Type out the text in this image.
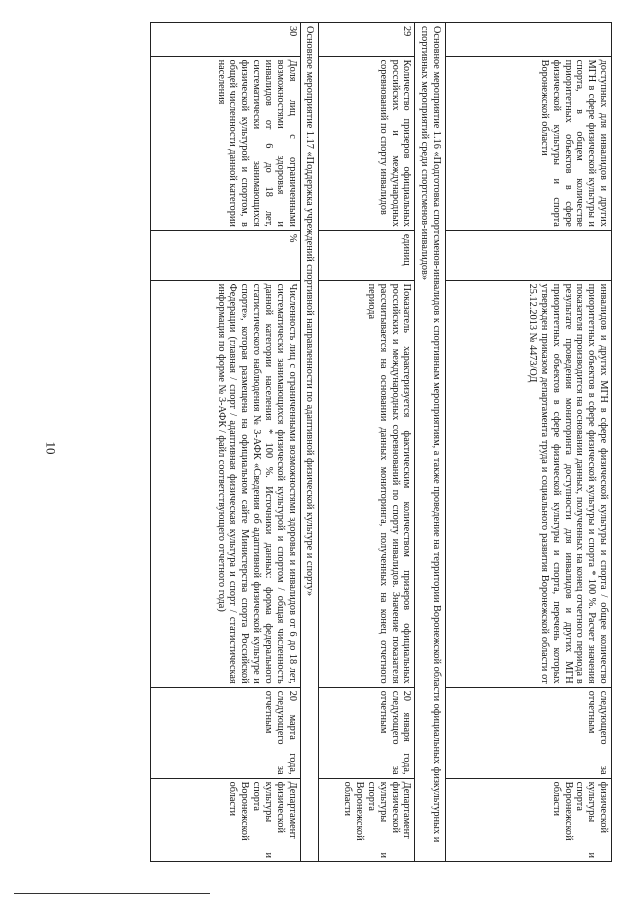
10
	доступных для инвалидов и других МГН в сфере физической культуры и спорта, в общем количестве приоритетных объектов в сфере физической культуры и спорта Воронежской области		инвалидов и других МГН в сфере физической культуры и спорта / общее количество приоритетных объектов в сфере физической культуры и спорта * 100 %. Расчет значения показателя производится на основании данных, полученных на конец отчетного периода в результате проведения мониторинга доступности для инвалидов и других МГН приоритетных объектов в сфере физической культуры и спорта, перечень которых утвержден приказом департамента труда и социального развития Воронежской области от 25.12.2013 № 4473/ОД	следующего за отчетным	физической культуры и спорта Воронежской области
Основное мероприятие 1.16 «Подготовка спортсменов-инвалидов к спортивным мероприятиям, а также проведение на территории Воронежской области официальных физкультурных и спортивных мероприятий среди спортсменов-инвалидов»					
29	Количество призеров официальных российских и международных соревнований по спорту инвалидов	единиц	Показатель характеризуется фактическим количеством призеров официальных российских и международных соревнований по спорту инвалидов. Значение показателя рассчитывается на основании данных мониторинга, полученных на конец отчетного периода	20 января года, следующего за отчетным	Департамент физической культуры и спорта Воронежской области
Основное мероприятие 1.17 «Поддержка учреждений спортивной направленности по адаптивной физической культуре и спорту»					
30	Доля лиц с ограниченными возможностями здоровья и инвалидов от 6 до 18 лет, систематически занимающихся физической культурой и спортом, в общей численности данной категории населения	%	Численность лиц с ограниченными возможностями здоровья и инвалидов от 6 до 18 лет, систематически занимающихся физической культурой и спортом / общая численность данной категории населения * 100 %. Источники данных: форма федерального статистического наблюдения № 3-АФК «Сведения об адаптивной физической культуре и спорте», которая размещена на официальном сайте Министерства спорта Российской Федерации (главная / спорт / адаптивная физическая культура и спорт / статистическая информация по форме № 3-АФК / файл соответствующего отчетного года)	20 марта года, следующего за отчетным	Департамент физической культуры и спорта Воронежской области
